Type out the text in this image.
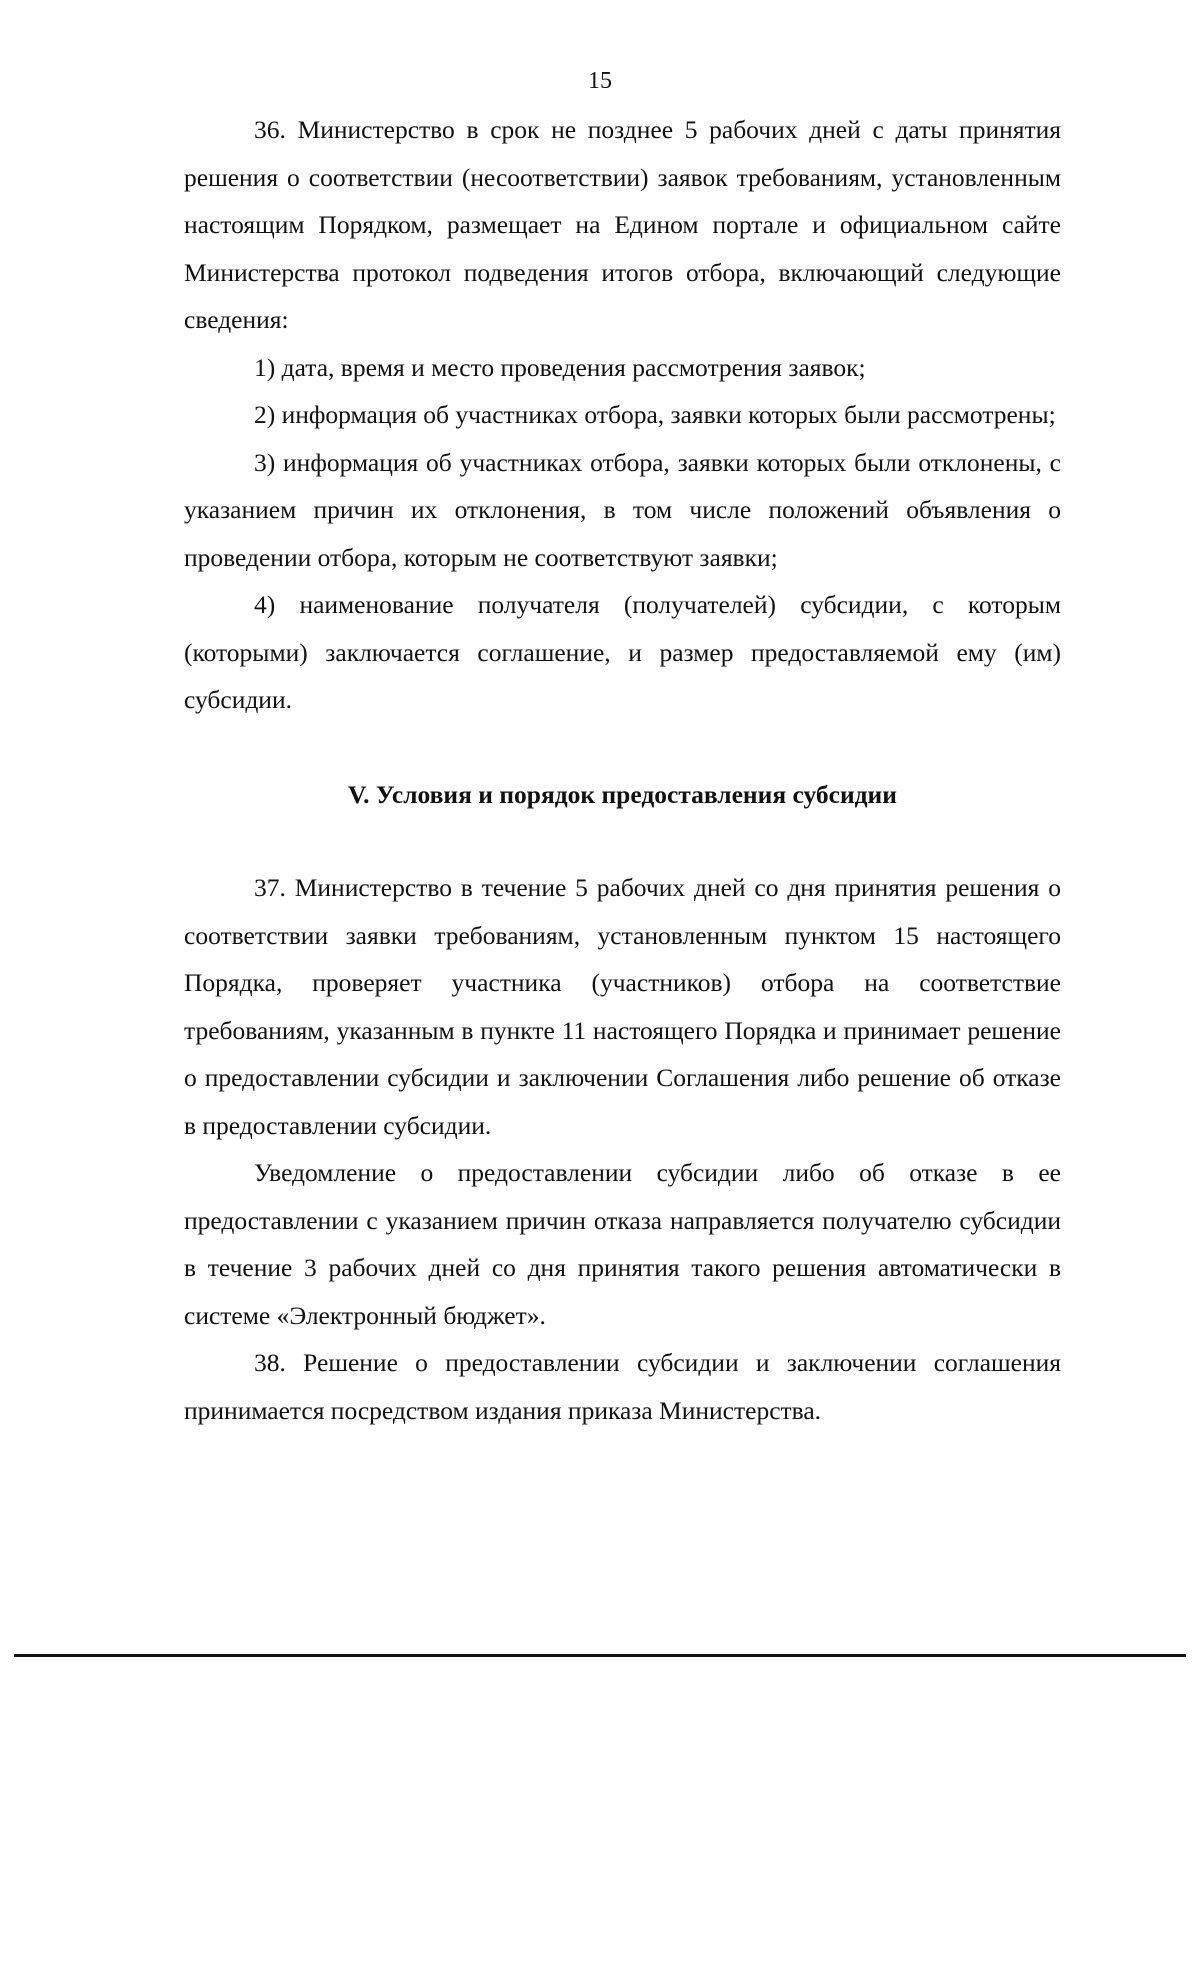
15

36. Министерство в срок не позднее 5 рабочих дней с даты принятия решения о соответствии (несоответствии) заявок требованиям, установленным настоящим Порядком, размещает на Едином портале и официальном сайте Министерства протокол подведения итогов отбора, включающий следующие сведения:

1) дата, время и место проведения рассмотрения заявок;

2) информация об участниках отбора, заявки которых были рассмотрены;

3) информация об участниках отбора, заявки которых были отклонены, с указанием причин их отклонения, в том числе положений объявления о проведении отбора, которым не соответствуют заявки;

4) наименование получателя (получателей) субсидии, с которым (которыми) заключается соглашение, и размер предоставляемой ему (им) субсидии.

V. Условия и порядок предоставления субсидии

37. Министерство в течение 5 рабочих дней со дня принятия решения о соответствии заявки требованиям, установленным пунктом 15 настоящего Порядка, проверяет участника (участников) отбора на соответствие требованиям, указанным в пункте 11 настоящего Порядка и принимает решение о предоставлении субсидии и заключении Соглашения либо решение об отказе в предоставлении субсидии.

Уведомление о предоставлении субсидии либо об отказе в ее предоставлении с указанием причин отказа направляется получателю субсидии в течение 3 рабочих дней со дня принятия такого решения автоматически в системе «Электронный бюджет».

38. Решение о предоставлении субсидии и заключении соглашения принимается посредством издания приказа Министерства.
